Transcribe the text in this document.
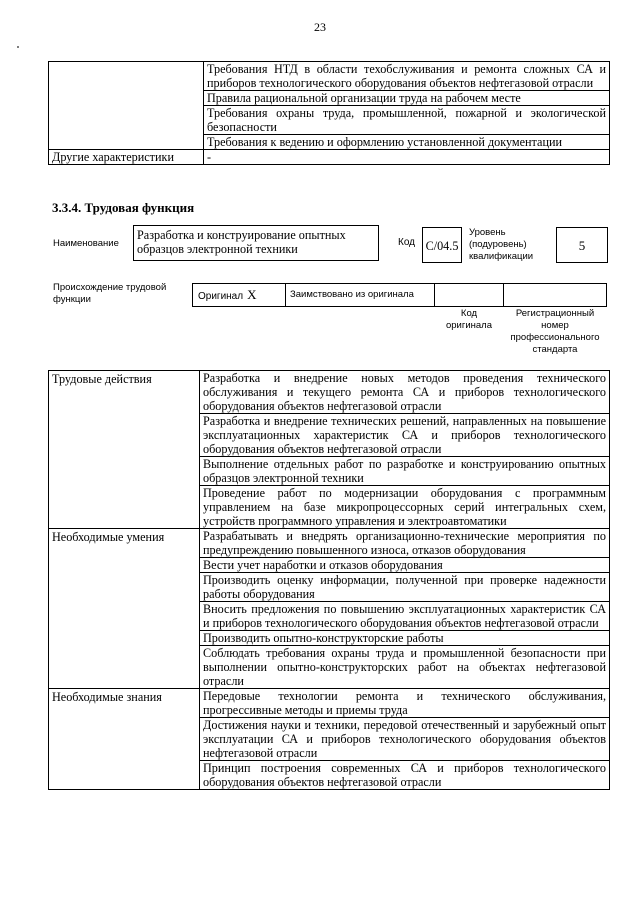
23
	Требования НТД в области техобслуживания и ремонта сложных СА и приборов технологического оборудования объектов нефтегазовой отрасли
	Правила рациональной организации труда на рабочем месте
	Требования охраны труда, промышленной, пожарной и экологической безопасности
	Требования к ведению и оформлению установленной документации
Другие характеристики	-
3.3.4. Трудовая функция
Наименование
Разработка и конструирование опытных образцов электронной техники	Код C/04.5
Уровень
(подуровень)
квалификации
5
Происхождение трудовой функции	Оригинал X	Заимствовано из оригинала
Код
оригинала
Регистрационный
номер
профессионального
стандарта
Трудовые действия	Разработка и внедрение новых методов проведения технического обслуживания и текущего ремонта СА и приборов технологического оборудования объектов нефтегазовой отрасли
	Разработка и внедрение технических решений, направленных на повышение эксплуатационных характеристик СА и приборов технологического оборудования объектов нефтегазовой отрасли
	Выполнение отдельных работ по разработке и конструированию опытных образцов электронной техники
	Проведение работ по модернизации оборудования с программным управлением на базе микропроцессорных серий интегральных схем, устройств программного управления и электроавтоматики
Необходимые умения	Разрабатывать и внедрять организационно-технические мероприятия по предупреждению повышенного износа, отказов оборудования
	Вести учет наработки и отказов оборудования
	Производить оценку информации, полученной при проверке надежности работы оборудования
	Вносить предложения по повышению эксплуатационных характеристик СА и приборов технологического оборудования объектов нефтегазовой отрасли
	Производить опытно-конструкторские работы
	Соблюдать требования охраны труда и промышленной безопасности при выполнении опытно-конструкторских работ на объектах нефтегазовой отрасли
Необходимые знания	Передовые технологии ремонта и технического обслуживания, прогрессивные методы и приемы труда
	Достижения науки и техники, передовой отечественный и зарубежный опыт эксплуатации СА и приборов технологического оборудования объектов нефтегазовой отрасли
	Принцип построения современных СА и приборов технологического оборудования объектов нефтегазовой отрасли
